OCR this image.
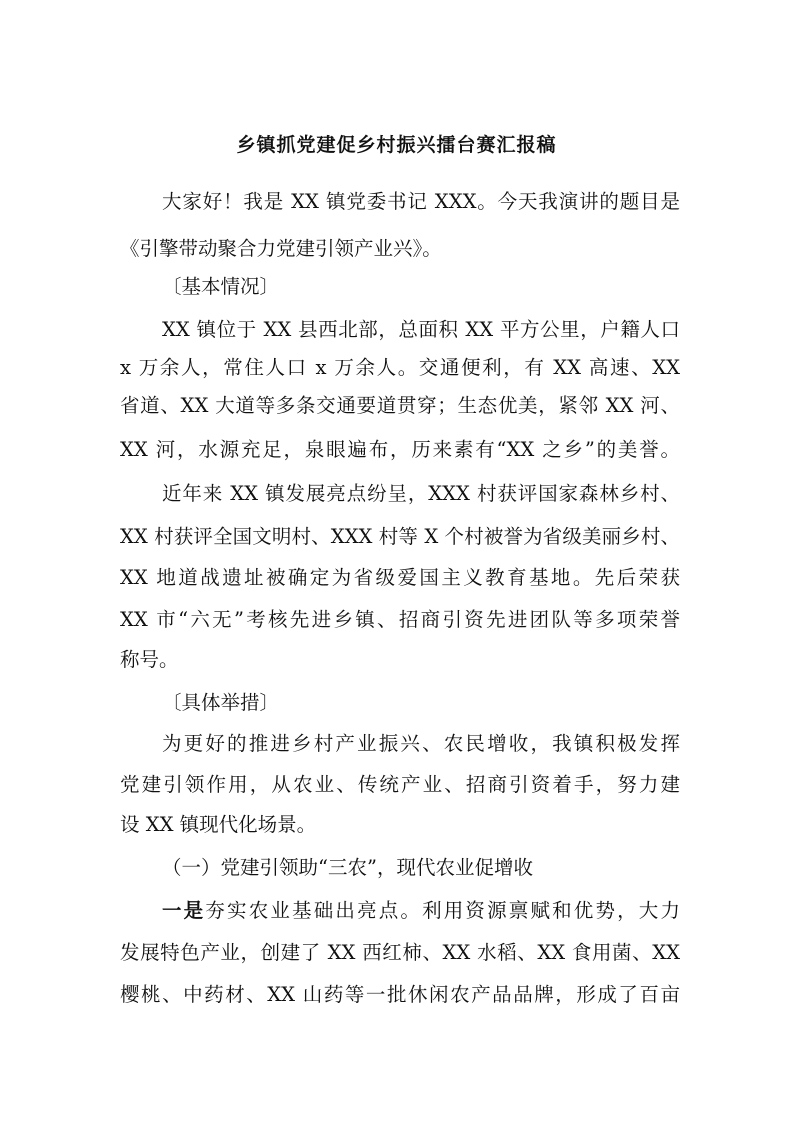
乡镇抓党建促乡村振兴擂台赛汇报稿
大家好！我是 XX 镇党委书记 XXX。今天我演讲的题目是
《引擎带动聚合力党建引领产业兴》。
〔基本情况〕
XX 镇位于 XX 县西北部，总面积 XX 平方公里，户籍人口
x 万余人，常住人口 x 万余人。交通便利，有 XX 高速、XX
省道、XX 大道等多条交通要道贯穿；生态优美，紧邻 XX 河、
XX 河，水源充足，泉眼遍布，历来素有“XX 之乡”的美誉。
近年来 XX 镇发展亮点纷呈，XXX 村获评国家森林乡村、
XX 村获评全国文明村、XXX 村等 X 个村被誉为省级美丽乡村、
XX 地道战遗址被确定为省级爱国主义教育基地。先后荣获
XX 市“六无”考核先进乡镇、招商引资先进团队等多项荣誉
称号。
〔具体举措〕
为更好的推进乡村产业振兴、农民增收，我镇积极发挥
党建引领作用，从农业、传统产业、招商引资着手，努力建
设 XX 镇现代化场景。
（一）党建引领助“三农”，现代农业促增收
一是夯实农业基础出亮点。利用资源禀赋和优势，大力
发展特色产业，创建了 XX 西红柿、XX 水稻、XX 食用菌、XX
樱桃、中药材、XX 山药等一批休闲农产品品牌，形成了百亩
